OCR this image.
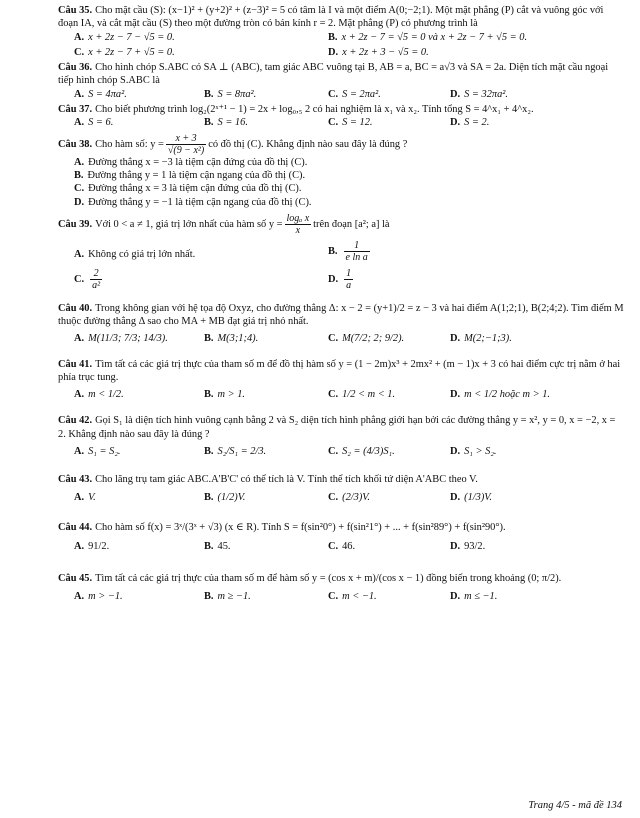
Câu 35. Cho mặt cầu (S): (x−1)² + (y+2)² + (z−3)² = 5 có tâm là I và một điểm A(0;−2;1). Một mặt phẳng (P) cắt và vuông góc với đoạn IA, và cắt mặt cầu (S) theo một đường tròn có bán kính r = 2. Mặt phẳng (P) có phương trình là

A. x + 2z − 7 − √5 = 0.	B. x + 2z − 7 = √5 = 0 và x + 2z − 7 + √5 = 0.
C. x + 2z − 7 + √5 = 0.	D. x + 2z + 3 − √5 = 0.

Câu 36. Cho hình chóp S.ABC có SA ⊥ (ABC), tam giác ABC vuông tại B, AB = a, BC = a√3 và SA = 2a. Diện tích mặt cầu ngoại tiếp hình chóp S.ABC là

A. S = 4πa².	B. S = 8πa².	C. S = 2πa².	D. S = 32πa².

Câu 37. Cho biết phương trình log₂(2ˣ⁺¹ − 1) = 2x + log₀,₅ 2 có hai nghiệm là x₁ và x₂. Tính tổng S = 4^x₁ + 4^x₂.

A. S = 6.	B. S = 16.	C. S = 12.	D. S = 2.

Câu 38. Cho hàm số: $y = \frac{x + 3}{\text{√(9 − x²)}}$ có đồ thị (C). Khẳng định nào sau đây là đúng ?

A. Đường thẳng x = −3 là tiệm cận đứng của đồ thị (C).
B. Đường thẳng y = 1 là tiệm cận ngang của đồ thị (C).
C. Đường thẳng x = 3 là tiệm cận đứng của đồ thị (C).
D. Đường thẳng y = −1 là tiệm cận ngang của đồ thị (C).

Câu 39. Với 0 < a ≠ 1, giá trị lớn nhất của hàm số $y = \frac{\text{logₐ x}}{x}$ trên đoạn [a²; a] là

A. Không có giá trị lớn nhất.	B. $\frac{1}{\text{e ln a}}$
C. $\frac{2}{\text{a²}}$	D. $\frac{1}{a}$

Câu 40. Trong không gian với hệ tọa độ Oxyz, cho đường thẳng Δ: x − 2 = (y+1)/2 = z − 3 và hai điểm A(1;2;1), B(2;4;2). Tìm điểm M thuộc đường thẳng Δ sao cho MA + MB đạt giá trị nhỏ nhất.

A. M(11/3; 7/3; 14/3).	B. M(3;1;4).	C. M(7/2; 2; 9/2).	D. M(2;−1;3).

Câu 41. Tìm tất cả các giá trị thực của tham số m để đồ thị hàm số y = (1 − 2m)x³ + 2mx² + (m − 1)x + 3 có hai điểm cực trị nằm ở hai phía trục tung.

A. m < 1/2.	B. m > 1.	C. 1/2 < m < 1.	D. m < 1/2 hoặc m > 1.

Câu 42. Gọi S₁ là diện tích hình vuông cạnh bằng 2 và S₂ diện tích hình phẳng giới hạn bởi các đường thẳng y = x², y = 0, x = −2, x = 2. Khẳng định nào sau đây là đúng ?

A. S₁ = S₂.	B. S₂/S₁ = 2/3.	C. S₂ = (4/3)S₁.	D. S₁ > S₂.

Câu 43. Cho lăng trụ tam giác ABC.A'B'C' có thể tích là V. Tính thể tích khối tứ diện A'ABC theo V.

A. V.	B. (1/2)V.	C. (2/3)V.	D. (1/3)V.

Câu 44. Cho hàm số f(x) = 3ˣ/(3ˣ + √3) (x ∈ R). Tính S = f(sin²0°) + f(sin²1°) + ... + f(sin²89°) + f(sin²90°).

A. 91/2.	B. 45.	C. 46.	D. 93/2.

Câu 45. Tìm tất cả các giá trị thực của tham số m để hàm số y = (cos x + m)/(cos x − 1) đồng biến trong khoảng (0; π/2).

A. m > −1.	B. m ≥ −1.	C. m < −1.	D. m ≤ −1.
Trang 4/5 - mã đề 134
